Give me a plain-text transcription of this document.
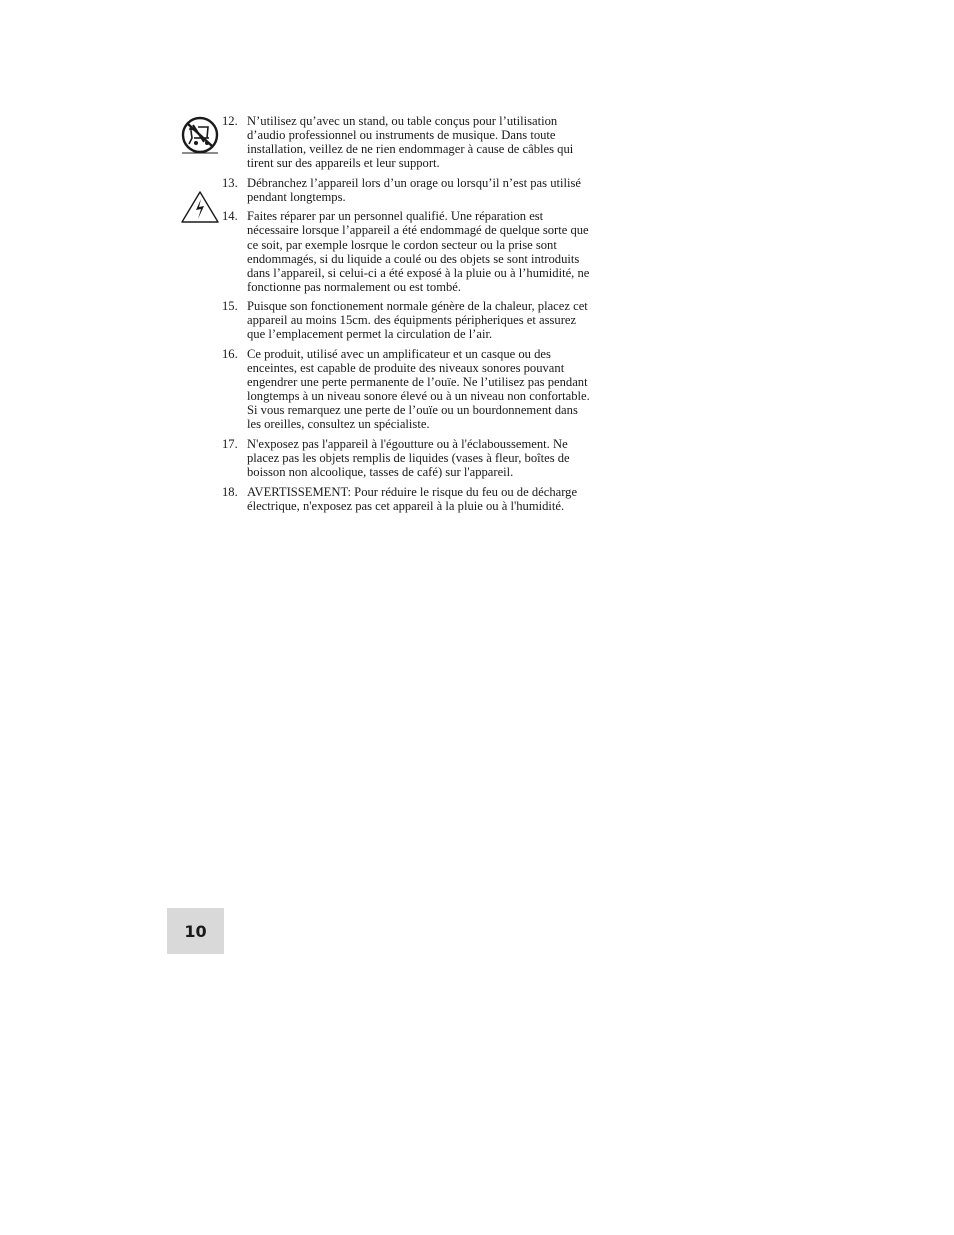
12. N’utilisez qu’avec un stand, ou table conçus pour l’utilisation d’audio professionnel ou instruments de musique. Dans toute installation, veillez de ne rien endommager à cause de câbles qui tirent sur des appareils et leur support.
13. Débranchez l’appareil lors d’un orage ou lorsqu’il n’est pas utilisé pendant longtemps.
14. Faites réparer par un personnel qualifié. Une réparation est nécessaire lorsque l’appareil a été endommagé de quelque sorte que ce soit, par exemple losrque le cordon secteur ou la prise sont endommagés, si du liquide a coulé ou des objets se sont introduits dans l’appareil, si celui-ci a été exposé à la pluie ou à l’humidité, ne fonctionne pas normalement ou est tombé.
15. Puisque son fonctionement normale génère de la chaleur, placez cet appareil au moins 15cm. des équipments péripheriques et assurez que l’emplacement permet la circulation de l’air.
16. Ce produit, utilisé avec un amplificateur et un casque ou des enceintes, est capable de produite des niveaux sonores pouvant engendrer une perte permanente de l’ouïe. Ne l’utilisez pas pendant longtemps à un niveau sonore élevé ou à un niveau non confortable. Si vous remarquez une perte de l’ouïe ou un bourdonnement dans les oreilles, consultez un spécialiste.
17. N'exposez pas l'appareil à l'égoutture ou à l'éclaboussement. Ne placez pas les objets remplis de liquides (vases à fleur, boîtes de boisson non alcoolique, tasses de café) sur l'appareil.
18. AVERTISSEMENT: Pour réduire le risque du feu ou de décharge électrique, n'exposez pas cet appareil à la pluie ou à l'humidité.
10
